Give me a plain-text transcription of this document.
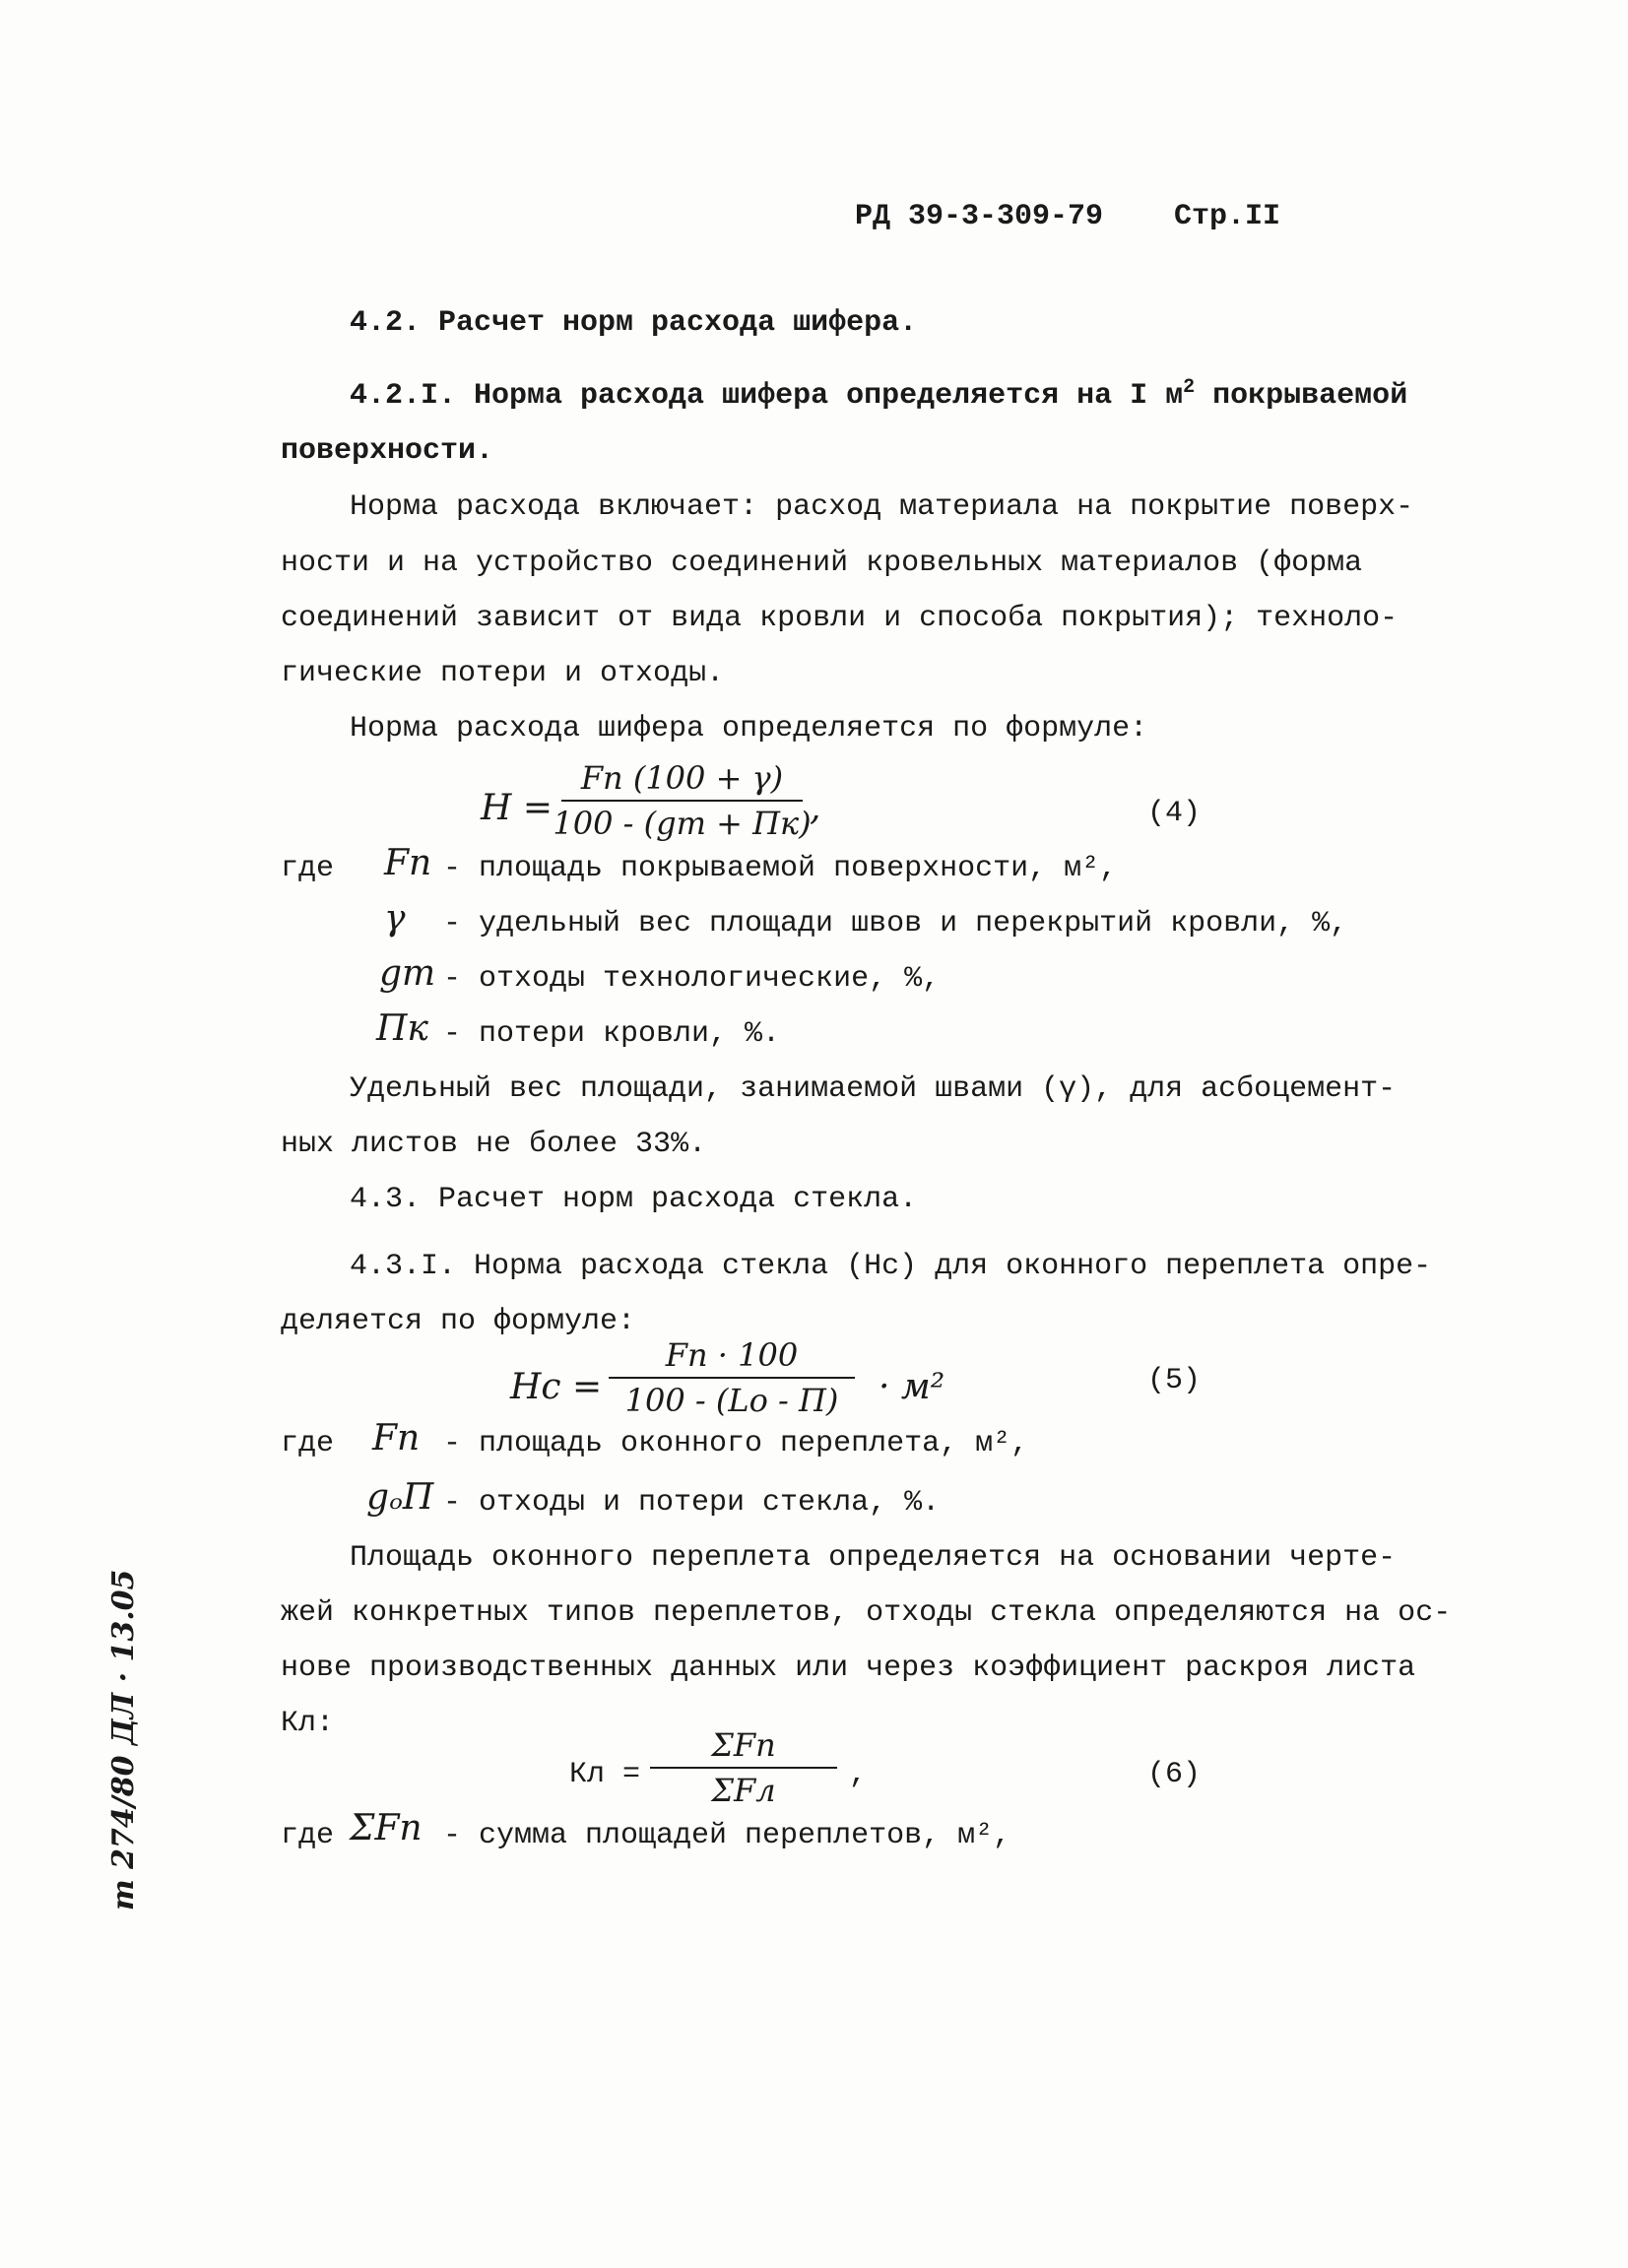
РД 39-3-309-79 Стр.II
4.2. Расчет норм расхода шифера.
4.2.I. Норма расхода шифера определяется на I $м^2$ покрываемой
поверхности.
Норма расхода включает: расход материала на покрытие поверх-
ности и на устройство соединений кровельных материалов (форма
соединений зависит от вида кровли и способа покрытия); техноло-
гические потери и отходы.
Норма расхода шифера определяется по формуле:
H =
Fп (100 + γ)
100 - (gт + Пк)
,	(4)
где Fп - площадь покрываемой поверхности, м²,
γ - удельный вес площади швов и перекрытий кровли, %,
gт - отходы технологические, %,
Пк - потери кровли, %.
Удельный вес площади, занимаемой швами (γ), для асбоцемент-
ных листов не более 33%.
4.3. Расчет норм расхода стекла.
4.3.I. Норма расхода стекла (Hс) для оконного переплета опре-
деляется по формуле:
Hс =
Fп · 100
100 - (Lо - П) · м²	(5)
где Fп - площадь оконного переплета, м²,
gₒП - отходы и потери стекла, %.
Площадь оконного переплета определяется на основании черте-
жей конкретных типов переплетов, отходы стекла определяются на ос-
нове производственных данных или через коэффициент раскроя листа
Кл:
Кл =
ΣFп
ΣFл ,	(6)
где ΣFп - сумма площадей переплетов, м²,
т 274/80 ДЛ · 13.05
